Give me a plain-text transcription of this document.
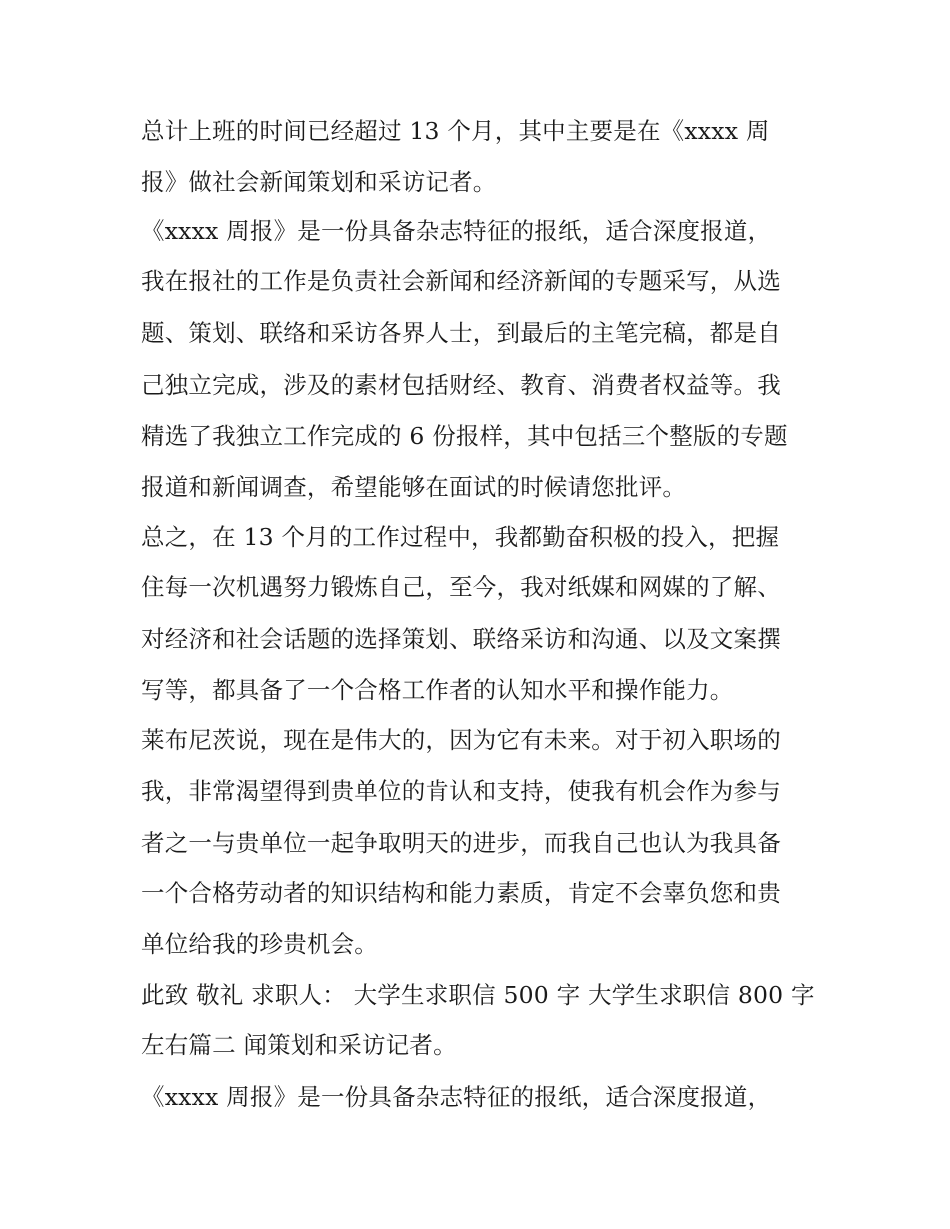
总计上班的时间已经超过 13 个月，其中主要是在《xxxx 周
报》做社会新闻策划和采访记者。
《xxxx 周报》是一份具备杂志特征的报纸，适合深度报道，
我在报社的工作是负责社会新闻和经济新闻的专题采写，从选
题、策划、联络和采访各界人士，到最后的主笔完稿，都是自
己独立完成，涉及的素材包括财经、教育、消费者权益等。我
精选了我独立工作完成的 6 份报样，其中包括三个整版的专题
报道和新闻调查，希望能够在面试的时候请您批评。
总之，在 13 个月的工作过程中，我都勤奋积极的投入，把握
住每一次机遇努力锻炼自己，至今，我对纸媒和网媒的了解、
对经济和社会话题的选择策划、联络采访和沟通、以及文案撰
写等，都具备了一个合格工作者的认知水平和操作能力。
莱布尼茨说，现在是伟大的，因为它有未来。对于初入职场的
我，非常渴望得到贵单位的肯认和支持，使我有机会作为参与
者之一与贵单位一起争取明天的进步，而我自己也认为我具备
一个合格劳动者的知识结构和能力素质，肯定不会辜负您和贵
单位给我的珍贵机会。
此致 敬礼 求职人： 大学生求职信 500 字 大学生求职信 800 字
左右篇二 闻策划和采访记者。
《xxxx 周报》是一份具备杂志特征的报纸，适合深度报道，
